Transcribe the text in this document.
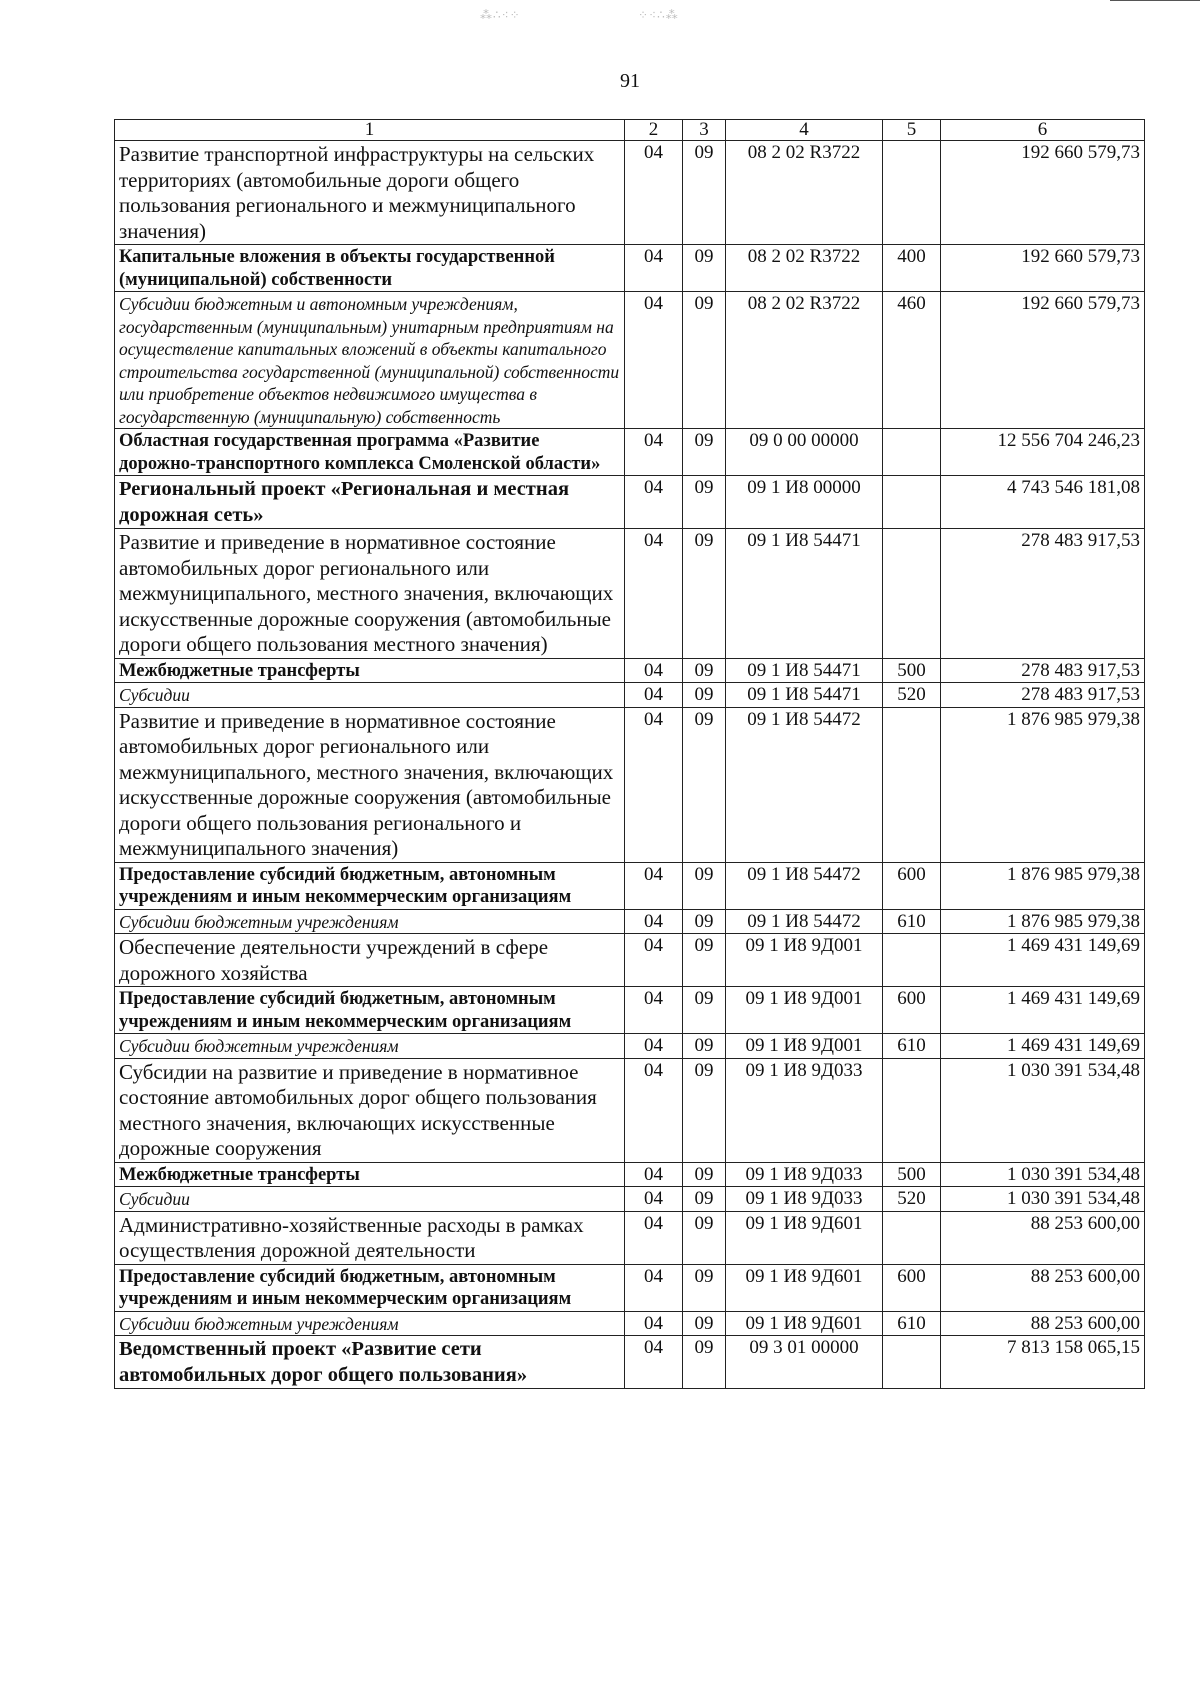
⁂∴⁖⁘	⁘⁖∴⁂
91
1	2	3	4	5	6
Развитие транспортной инфраструктуры на сельских территориях (автомобильные дороги общего пользования регионального и межмуниципального значения)	04	09	08 2 02 R3722		192 660 579,73
Капитальные вложения в объекты государственной (муниципальной) собственности	04	09	08 2 02 R3722	400	192 660 579,73
Субсидии бюджетным и автономным учреждениям, государственным (муниципальным) унитарным предприятиям на осуществление капитальных вложений в объекты капитального строительства государственной (муниципальной) собственности или приобретение объектов недвижимого имущества в государственную (муниципальную) собственность	04	09	08 2 02 R3722	460	192 660 579,73
Областная государственная программа «Развитие дорожно-транспортного комплекса Смоленской области»	04	09	09 0 00 00000		12 556 704 246,23
Региональный проект «Региональная и местная дорожная сеть»	04	09	09 1 И8 00000		4 743 546 181,08
Развитие и приведение в нормативное состояние автомобильных дорог регионального или межмуниципального, местного значения, включающих искусственные дорожные сооружения (автомобильные дороги общего пользования местного значения)	04	09	09 1 И8 54471		278 483 917,53
Межбюджетные трансферты	04	09	09 1 И8 54471	500	278 483 917,53
Субсидии	04	09	09 1 И8 54471	520	278 483 917,53
Развитие и приведение в нормативное состояние автомобильных дорог регионального или межмуниципального, местного значения, включающих искусственные дорожные сооружения (автомобильные дороги общего пользования регионального и межмуниципального значения)	04	09	09 1 И8 54472		1 876 985 979,38
Предоставление субсидий бюджетным, автономным учреждениям и иным некоммерческим организациям	04	09	09 1 И8 54472	600	1 876 985 979,38
Субсидии бюджетным учреждениям	04	09	09 1 И8 54472	610	1 876 985 979,38
Обеспечение деятельности учреждений в сфере дорожного хозяйства	04	09	09 1 И8 9Д001		1 469 431 149,69
Предоставление субсидий бюджетным, автономным учреждениям и иным некоммерческим организациям	04	09	09 1 И8 9Д001	600	1 469 431 149,69
Субсидии бюджетным учреждениям	04	09	09 1 И8 9Д001	610	1 469 431 149,69
Субсидии на развитие и приведение в нормативное состояние автомобильных дорог общего пользования местного значения, включающих искусственные дорожные сооружения	04	09	09 1 И8 9Д033		1 030 391 534,48
Межбюджетные трансферты	04	09	09 1 И8 9Д033	500	1 030 391 534,48
Субсидии	04	09	09 1 И8 9Д033	520	1 030 391 534,48
Административно-хозяйственные расходы в рамках осуществления дорожной деятельности	04	09	09 1 И8 9Д601		88 253 600,00
Предоставление субсидий бюджетным, автономным учреждениям и иным некоммерческим организациям	04	09	09 1 И8 9Д601	600	88 253 600,00
Субсидии бюджетным учреждениям	04	09	09 1 И8 9Д601	610	88 253 600,00
Ведомственный проект «Развитие сети автомобильных дорог общего пользования»	04	09	09 3 01 00000		7 813 158 065,15
